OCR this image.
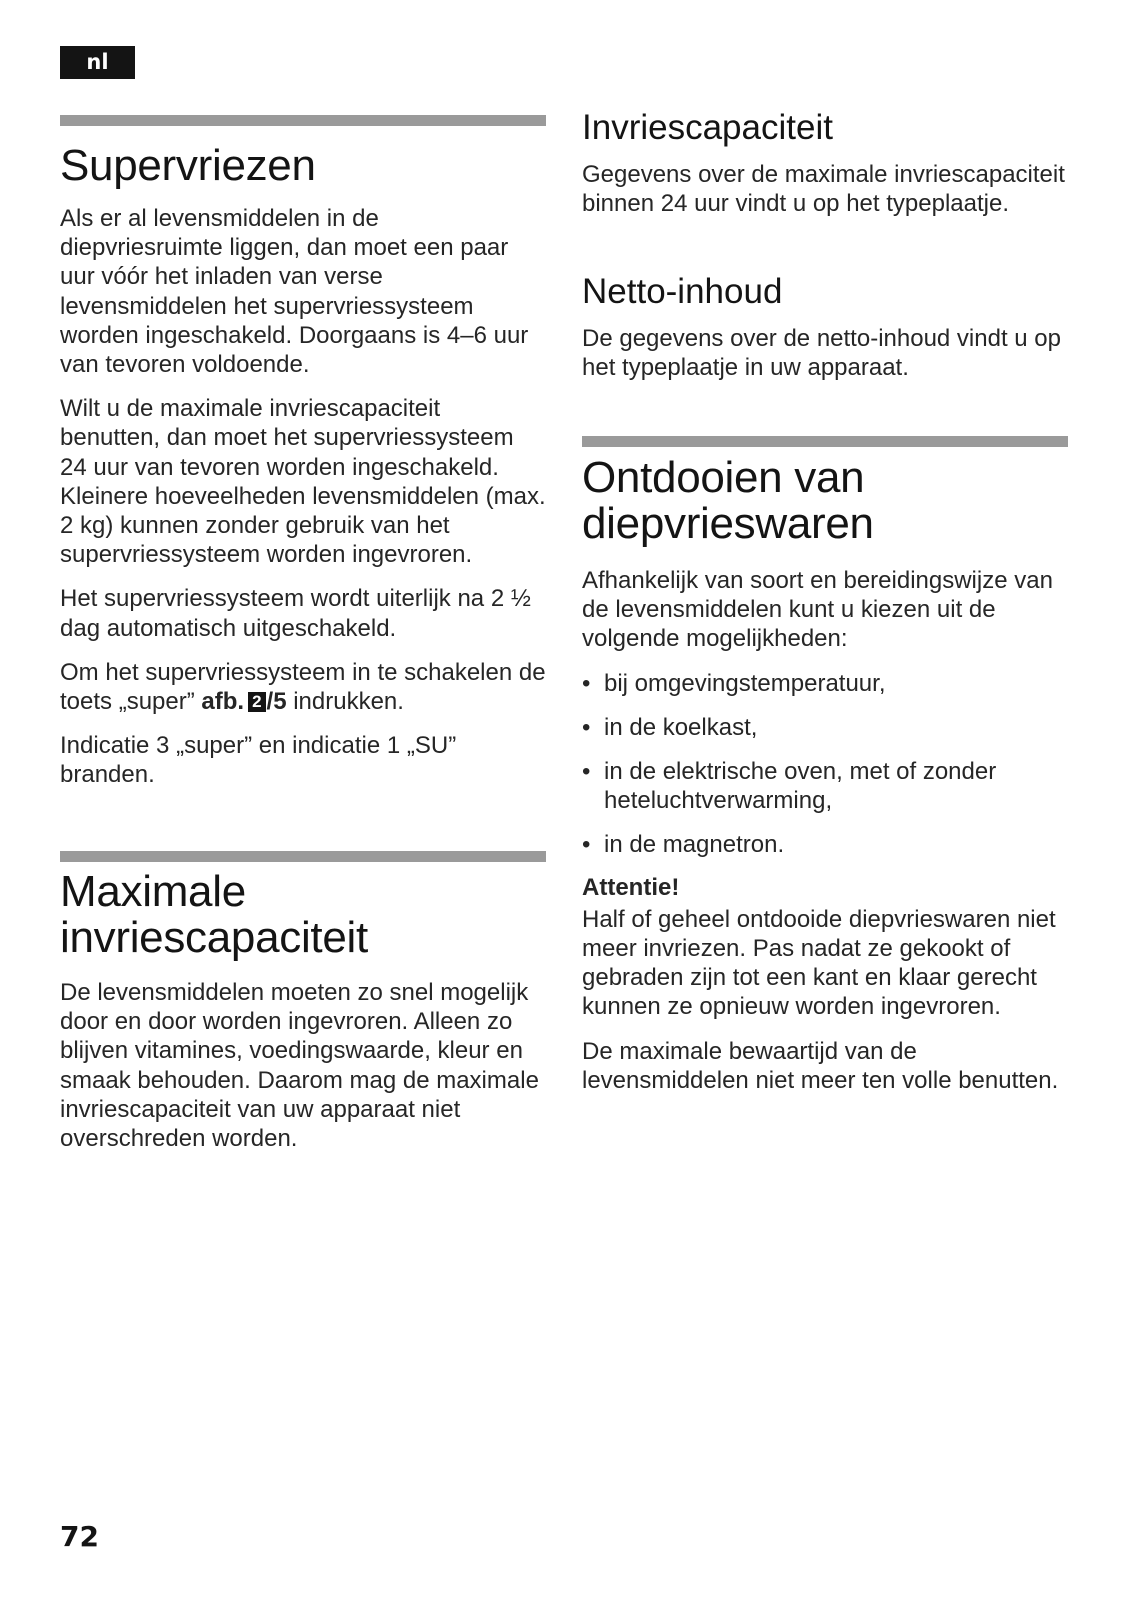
nl
Supervriezen

Als er al levensmiddelen in de diepvriesruimte liggen, dan moet een paar uur vóór het inladen van verse levensmiddelen het supervriessysteem worden ingeschakeld. Doorgaans is 4–6 uur van tevoren voldoende.

Wilt u de maximale invriescapaciteit benutten, dan moet het supervriessysteem 24 uur van tevoren worden ingeschakeld. Kleinere hoeveelheden levensmiddelen (max. 2 kg) kunnen zonder gebruik van het supervriessysteem worden ingevroren.

Het supervriessysteem wordt uiterlijk na 2 ½ dag automatisch uitgeschakeld.

Om het supervriessysteem in te schakelen de toets „super” afb. 2 /5 indrukken.

Indicatie 3 „super” en indicatie 1 „SU” branden.

Maximale
invriescapaciteit

De levensmiddelen moeten zo snel mogelijk door en door worden ingevroren. Alleen zo blijven vitamines, voedingswaarde, kleur en smaak behouden. Daarom mag de maximale invriescapaciteit van uw apparaat niet overschreden worden.

Invriescapaciteit

Gegevens over de maximale invriescapaciteit binnen 24 uur vindt u op het typeplaatje.

Netto-inhoud

De gegevens over de netto-inhoud vindt u op het typeplaatje in uw apparaat.

Ontdooien van
diepvrieswaren

Afhankelijk van soort en bereidingswijze van de levensmiddelen kunt u kiezen uit de volgende mogelijkheden:

• bij omgevingstemperatuur,
• in de koelkast,
• in de elektrische oven, met of zonder heteluchtverwarming,
• in de magnetron.

Attentie!

Half of geheel ontdooide diepvrieswaren niet meer invriezen. Pas nadat ze gekookt of gebraden zijn tot een kant en klaar gerecht kunnen ze opnieuw worden ingevroren.

De maximale bewaartijd van de levensmiddelen niet meer ten volle benutten.

72
